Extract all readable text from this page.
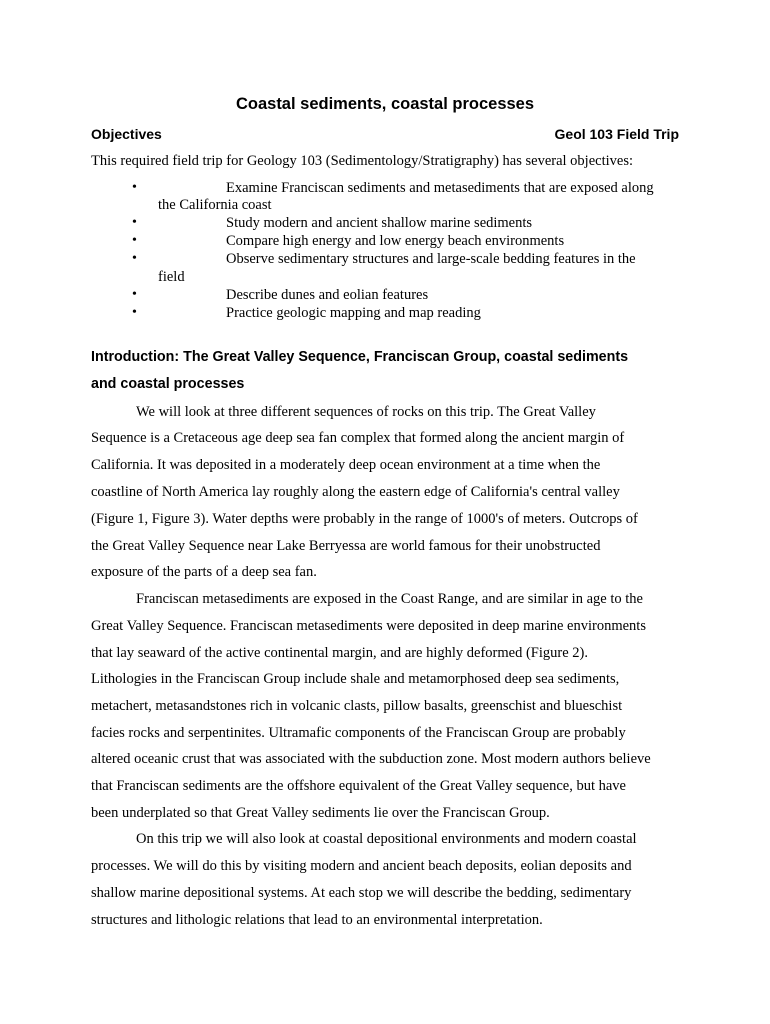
Coastal sediments, coastal processes
Objectives	Geol 103 Field Trip
This required field trip for Geology 103 (Sedimentology/Stratigraphy) has several objectives:
•	Examine Franciscan sediments and metasediments that are exposed along
the California coast
•	Study modern and ancient shallow marine sediments
•	Compare high energy and low energy beach environments
•	Observe sedimentary structures and large-scale bedding features in the
field
•	Describe dunes and eolian features
•	Practice geologic mapping and map reading
Introduction: The Great Valley Sequence, Franciscan Group, coastal sediments
and coastal processes
We will look at three different sequences of rocks on this trip. The Great Valley
Sequence is a Cretaceous age deep sea fan complex that formed along the ancient margin of
California. It was deposited in a moderately deep ocean environment at a time when the
coastline of North America lay roughly along the eastern edge of California's central valley
(Figure 1, Figure 3). Water depths were probably in the range of 1000's of meters. Outcrops of
the Great Valley Sequence near Lake Berryessa are world famous for their unobstructed
exposure of the parts of a deep sea fan.
Franciscan metasediments are exposed in the Coast Range, and are similar in age to the
Great Valley Sequence. Franciscan metasediments were deposited in deep marine environments
that lay seaward of the active continental margin, and are highly deformed (Figure 2).
Lithologies in the Franciscan Group include shale and metamorphosed deep sea sediments,
metachert, metasandstones rich in volcanic clasts, pillow basalts, greenschist and blueschist
facies rocks and serpentinites. Ultramafic components of the Franciscan Group are probably
altered oceanic crust that was associated with the subduction zone. Most modern authors believe
that Franciscan sediments are the offshore equivalent of the Great Valley sequence, but have
been underplated so that Great Valley sediments lie over the Franciscan Group.
On this trip we will also look at coastal depositional environments and modern coastal
processes. We will do this by visiting modern and ancient beach deposits, eolian deposits and
shallow marine depositional systems. At each stop we will describe the bedding, sedimentary
structures and lithologic relations that lead to an environmental interpretation.
